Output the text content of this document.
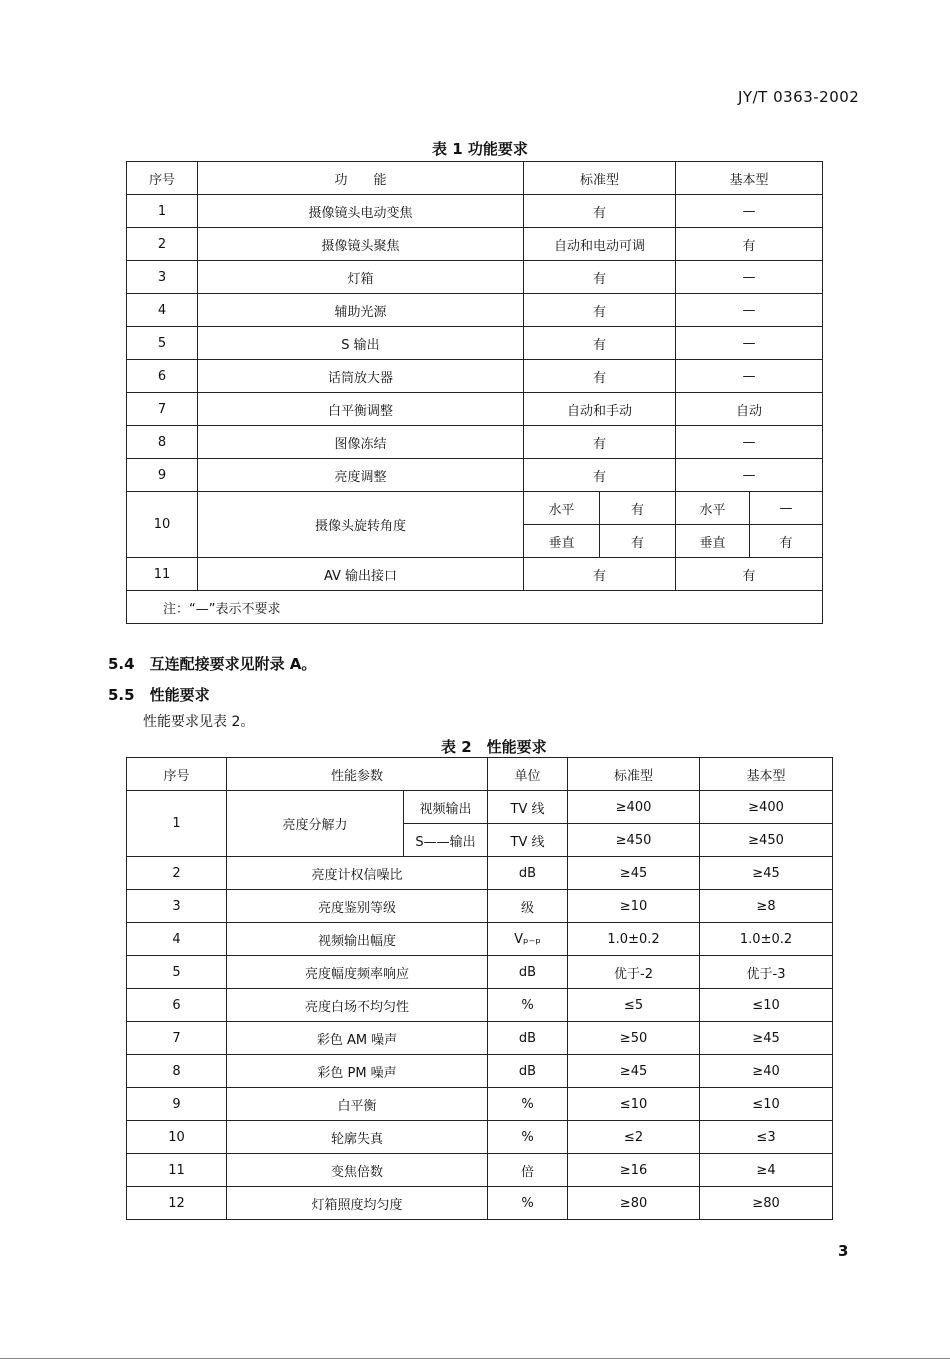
JY/T 0363-2002
表 1 功能要求
序号	功　　能	标准型		基本型	
1	摄像镜头电动变焦	有		—	
2	摄像镜头聚焦	自动和电动可调		有	
3	灯箱	有		—	
4	辅助光源	有		—	
5	S 输出	有		—	
6	话筒放大器	有		—	
7	白平衡调整	自动和手动		自动	
8	图像冻结	有		—	
9	亮度调整	有		—	
10	摄像头旋转角度	水平	有	水平	—
		垂直	有	垂直	有
11	AV 输出接口	有		有	
注：“—”表示不要求					
5.4　互连配接要求见附录 A。
5.5　性能要求
性能要求见表 2。
表 2　性能要求
序号	性能参数		单位	标准型	基本型
1	亮度分解力	视频输出	TV 线	≥400	≥400
		S——输出	TV 线	≥450	≥450
2	亮度计权信噪比		dB	≥45	≥45
3	亮度鉴别等级		级	≥10	≥8
4	视频输出幅度		Vₚ₋ₚ	1.0±0.2	1.0±0.2
5	亮度幅度频率响应		dB	优于-2	优于-3
6	亮度白场不均匀性		%	≤5	≤10
7	彩色 AM 噪声		dB	≥50	≥45
8	彩色 PM 噪声		dB	≥45	≥40
9	白平衡		%	≤10	≤10
10	轮廓失真		%	≤2	≤3
11	变焦倍数		倍	≥16	≥4
12	灯箱照度均匀度		%	≥80	≥80
3
